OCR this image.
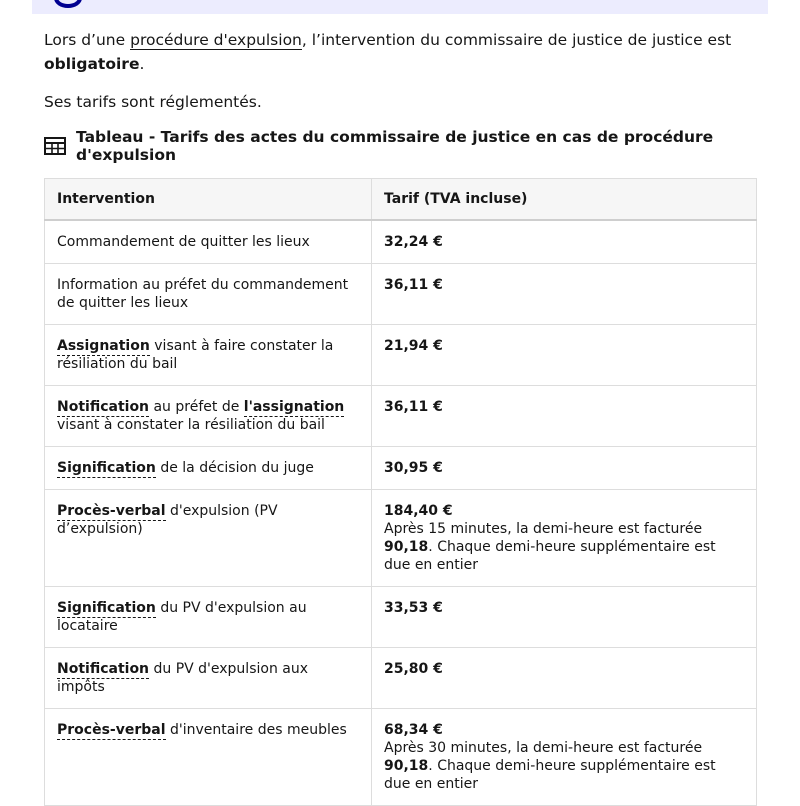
Lors d’une procédure d'expulsion, l’intervention du commissaire de justice de justice est obligatoire.

Ses tarifs sont réglementés.

Tableau - Tarifs des actes du commissaire de justice en cas de procédure d'expulsion
Intervention	Tarif (TVA incluse)
Commandement de quitter les lieux	32,24 €

Information au préfet du commandement de quitter les lieux	36,11 €

Assignation visant à faire constater la résiliation du bail	21,94 €

Notification au préfet de l'assignation visant à constater la résiliation du bail	36,11 €

Signification de la décision du juge	30,95 €

Procès-verbal d'expulsion (PV d’expulsion)	184,40 €
Après 15 minutes, la demi-heure est facturée 90,18. Chaque demi-heure supplémentaire est due en entier

Signification du PV d'expulsion au locataire	33,53 €

Notification du PV d'expulsion aux impôts	25,80 €

Procès-verbal d'inventaire des meubles	68,34 €
Après 30 minutes, la demi-heure est facturée 90,18. Chaque demi-heure supplémentaire est due en entier
